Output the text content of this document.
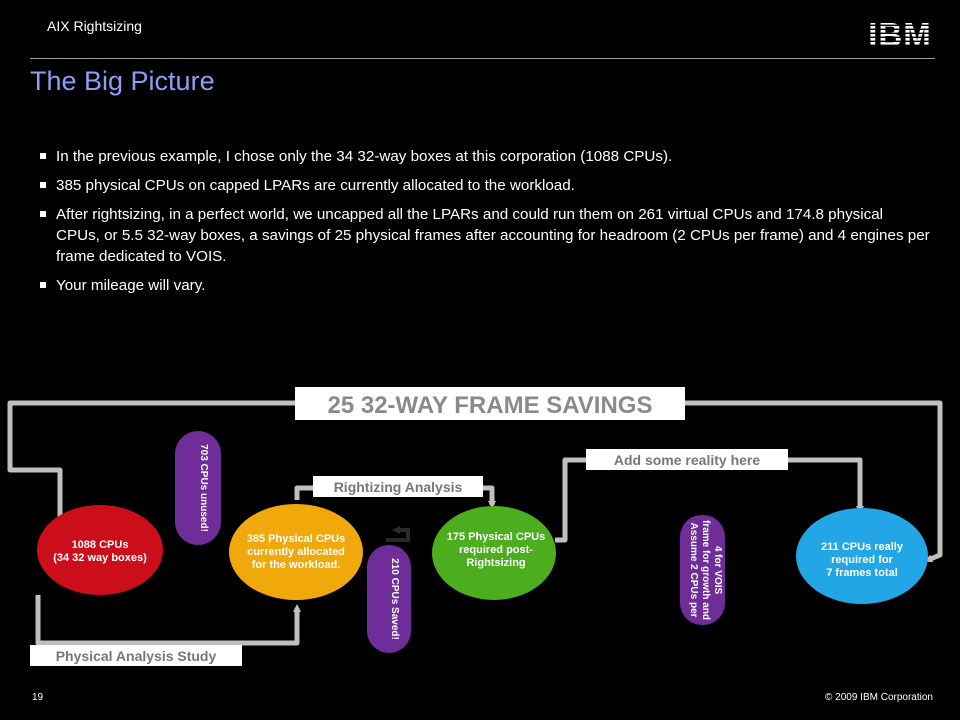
AIX Rightsizing	IBM
The Big Picture
In the previous example, I chose only the 34 32-way boxes at this corporation (1088 CPUs).
385 physical CPUs on capped LPARs are currently allocated to the workload.
After rightsizing, in a perfect world, we uncapped all the LPARs and could run them on 261 virtual CPUs and 174.8 physical CPUs, or 5.5 32-way boxes, a savings of 25 physical frames after accounting for headroom (2 CPUs per frame) and 4 engines per frame dedicated to VOIS.
Your mileage will vary.
25 32-WAY FRAME SAVINGS
Rightizing Analysis
Add some reality here
Physical Analysis Study
1088 CPUs
(34 32 way boxes)
385 Physical CPUs
currently allocated
for the workload.
175 Physical CPUs
required post-
Rightsizing
211 CPUs really
required for
7 frames total
703 CPUs unused!
210 CPUs Saved!	Assume 2 CPUs per frame for growth and 4 for VOIS
19	© 2009 IBM Corporation
